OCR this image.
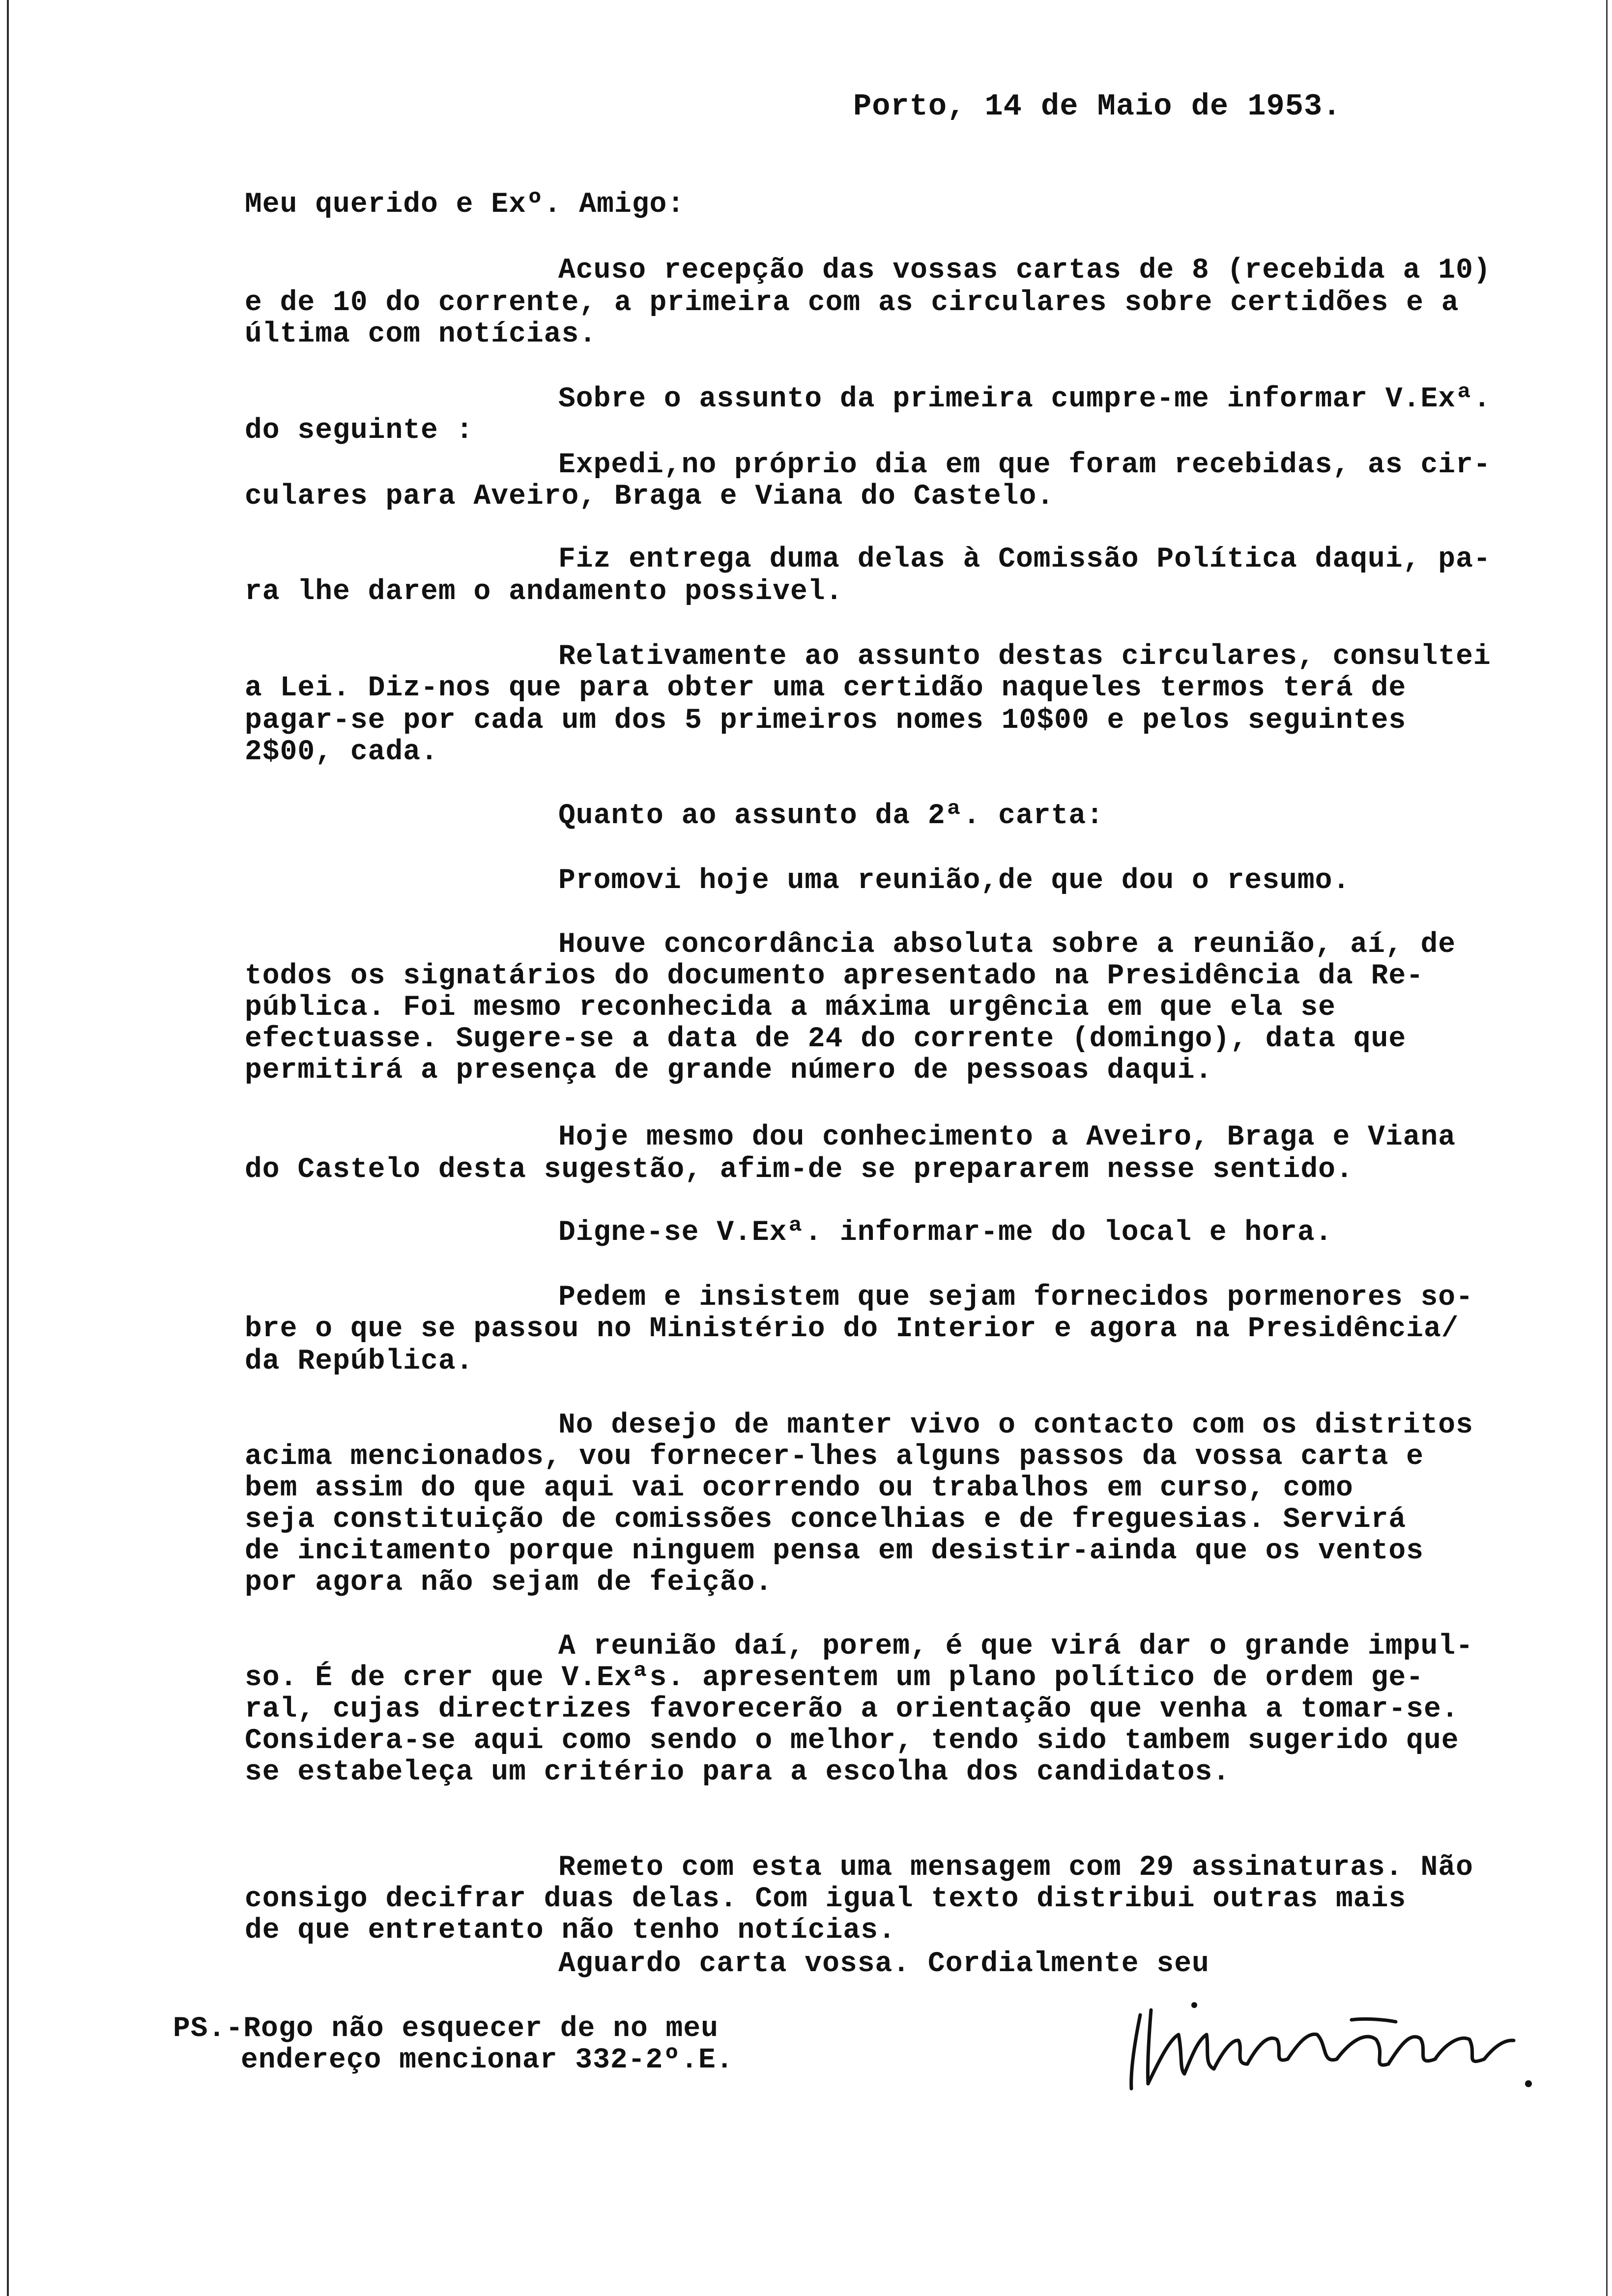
Porto, 14 de Maio de 1953.
Meu querido e Exº. Amigo:
Acuso recepção das vossas cartas de 8 (recebida a 10)
e de 10 do corrente, a primeira com as circulares sobre certidões e a
última com notícias.
Sobre o assunto da primeira cumpre-me informar V.Exª.
do seguinte :
Expedi,no próprio dia em que foram recebidas, as cir-
culares para Aveiro, Braga e Viana do Castelo.
Fiz entrega duma delas à Comissão Política daqui, pa-
ra lhe darem o andamento possivel.
Relativamente ao assunto destas circulares, consultei
a Lei. Diz-nos que para obter uma certidão naqueles termos terá de
pagar-se por cada um dos 5 primeiros nomes 10$00 e pelos seguintes
2$00, cada.
Quanto ao assunto da 2ª. carta:
Promovi hoje uma reunião,de que dou o resumo.
Houve concordância absoluta sobre a reunião, aí, de
todos os signatários do documento apresentado na Presidência da Re-
pública. Foi mesmo reconhecida a máxima urgência em que ela se
efectuasse. Sugere-se a data de 24 do corrente (domingo), data que
permitirá a presença de grande número de pessoas daqui.
Hoje mesmo dou conhecimento a Aveiro, Braga e Viana
do Castelo desta sugestão, afim-de se prepararem nesse sentido.
Digne-se V.Exª. informar-me do local e hora.
Pedem e insistem que sejam fornecidos pormenores so-
bre o que se passou no Ministério do Interior e agora na Presidência/
da República.
No desejo de manter vivo o contacto com os distritos
acima mencionados, vou fornecer-lhes alguns passos da vossa carta e
bem assim do que aqui vai ocorrendo ou trabalhos em curso, como
seja constituição de comissões concelhias e de freguesias. Servirá
de incitamento porque ninguem pensa em desistir-ainda que os ventos
por agora não sejam de feição.
A reunião daí, porem, é que virá dar o grande impul-
so. É de crer que V.Exªs. apresentem um plano político de ordem ge-
ral, cujas directrizes favorecerão a orientação que venha a tomar-se.
Considera-se aqui como sendo o melhor, tendo sido tambem sugerido que
se estabeleça um critério para a escolha dos candidatos.
Remeto com esta uma mensagem com 29 assinaturas. Não
consigo decifrar duas delas. Com igual texto distribui outras mais
de que entretanto não tenho notícias.
Aguardo carta vossa. Cordialmente seu
PS.-Rogo não esquecer de no meu
endereço mencionar 332-2º.E.
